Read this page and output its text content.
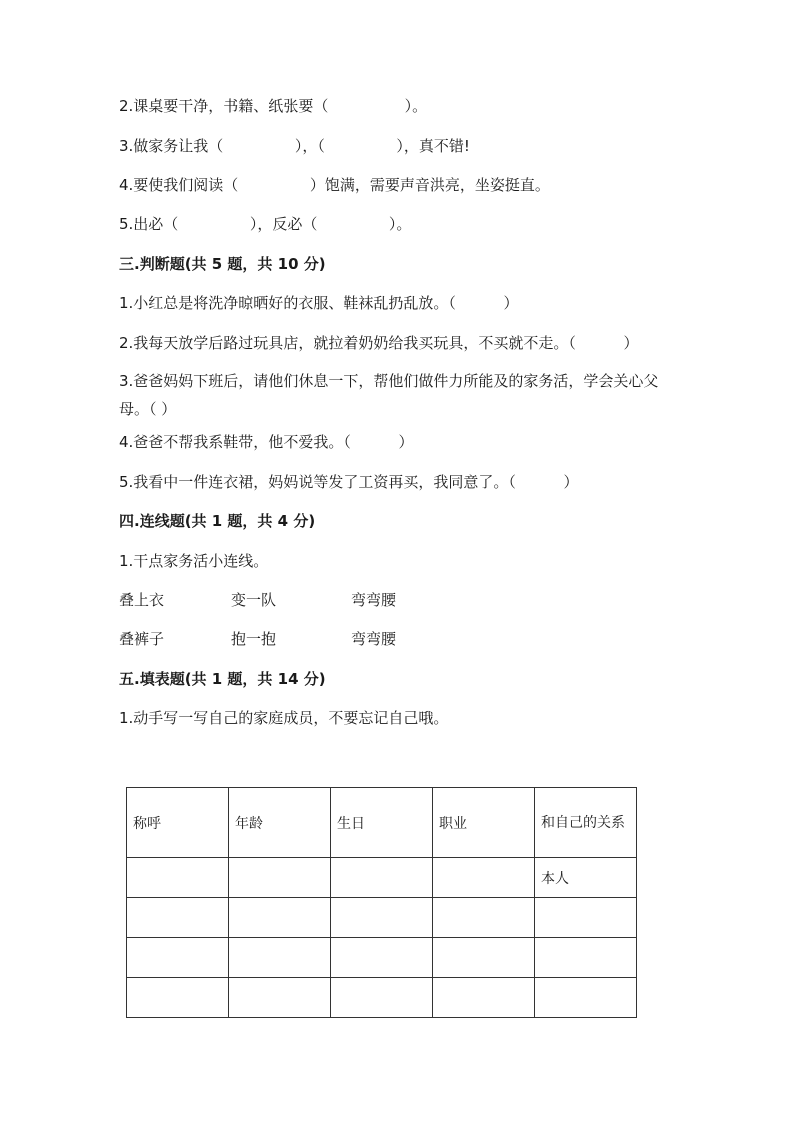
2.课桌要干净，书籍、纸张要（                ）。
3.做家务让我（               ），（               ），真不错!
4.要使我们阅读（               ）饱满，需要声音洪亮，坐姿挺直。
5.出必（               ），反必（               ）。
三.判断题(共 5 题，共 10 分)
1.小红总是将洗净晾晒好的衣服、鞋袜乱扔乱放。（          ）
2.我每天放学后路过玩具店，就拉着奶奶给我买玩具，不买就不走。（          ）
3.爸爸妈妈下班后，请他们休息一下，帮他们做件力所能及的家务活，学会关心父母。（ ）
4.爸爸不帮我系鞋带，他不爱我。（          ）
5.我看中一件连衣裙，妈妈说等发了工资再买，我同意了。（          ）
四.连线题(共 1 题，共 4 分)
1.干点家务活小连线。
叠上衣	变一队	弯弯腰
叠裤子	抱一抱	弯弯腰
五.填表题(共 1 题，共 14 分)
1.动手写一写自己的家庭成员，不要忘记自己哦。
称呼	年龄	生日	职业	和自己的关系

				本人
